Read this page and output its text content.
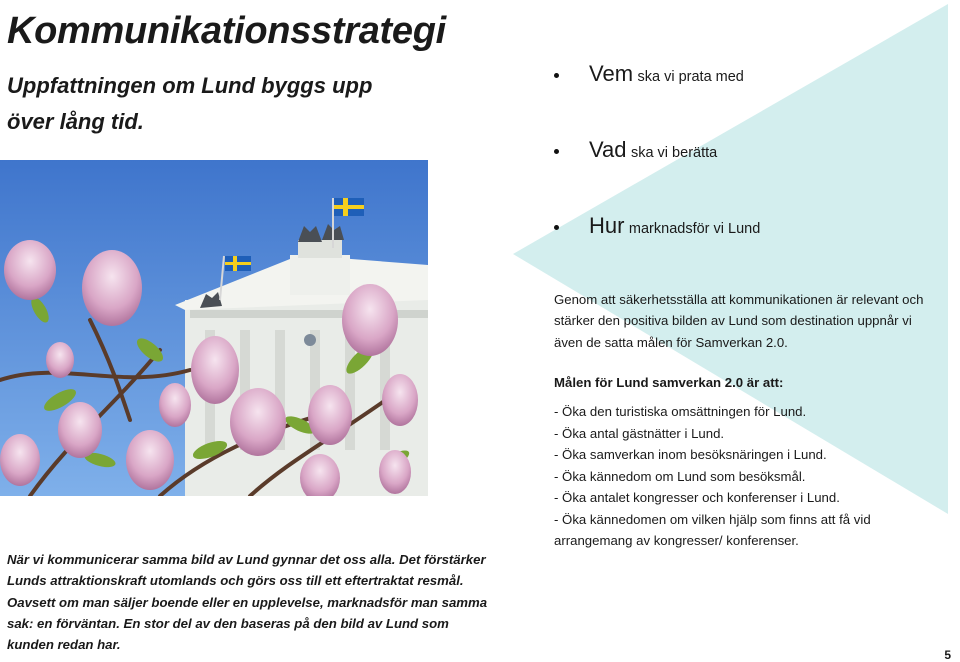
Kommunikationsstrategi

Uppfattningen om Lund byggs upp över lång tid.

När vi kommunicerar samma bild av Lund gynnar det oss alla. Det förstärker Lunds attraktionskraft utomlands och görs oss till ett eftertraktat resmål. Oavsett om man säljer boende eller en upplevelse, marknadsför man samma sak: en förväntan. En stor del av den baseras på den bild av Lund som kunden redan har.

Vem ska vi prata med
Vad ska vi berätta
Hur marknadsför vi Lund

Genom att säkerhetsställa att kommunikationen är relevant och stärker den positiva bilden av Lund som destination uppnår vi även de satta målen för Samverkan 2.0.

Målen för Lund samverkan 2.0 är att:

- Öka den turistiska omsättningen för Lund.
- Öka antal gästnätter i Lund.
- Öka samverkan inom besöksnäringen i Lund.
- Öka kännedom om Lund som besöksmål.
- Öka antalet kongresser och konferenser i Lund.
- Öka kännedomen om vilken hjälp som finns att få vid arrangemang av kongresser/ konferenser.
5
